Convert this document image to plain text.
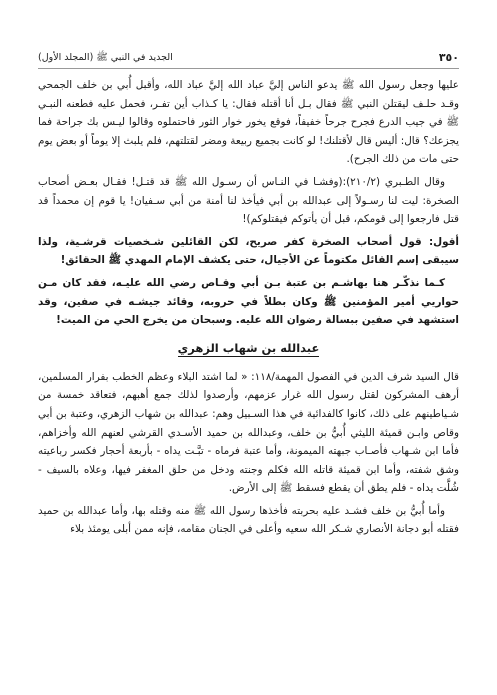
٣٥٠
الجديد في النبي ﷺ (المجلد الأول)

عليها وجعل رسول الله ﷺ يدعو الناس إليَّ عباد الله إليَّ عباد الله، وأقبل أُبي بن خلف الجمحي وقـد حلـف ليقتلن النبي ﷺ فقال بـل أنا أقتله فقال: يا كـذاب أين تفـر، فحمل عليه فطعنه النبـي ﷺ في جيب الدرع فجرح جرحاً خفيفاً، فوقع يخور خوار الثور فاحتملوه وقالوا ليـس بك جراحة فما يجزعك؟ قال: أليس قال لأقتلنك! لو كانت بجميع ربيعة ومضر لقتلتهم، فلم يلبث إلا يوماً أو بعض يوم حتى مات من ذلك الجرح).

وقال الطـبري (٢١٠/٢):(وفشـا في النـاس أن رسـول الله ﷺ قد قتـل! فقـال بعـض أصحاب الصخرة: ليت لنا رسـولاً إلى عبدالله بن أبي فيأخذ لنا أمنة من أبي سـفيان! يا قوم إن محمداً قد قتل فارجعوا إلى قومكم، قبل أن يأتوكم فيقتلوكم)!

أقول: قول أصحاب الصخرة كفر صريح، لكن القائلين شـخصيات قرشـية، ولذا سيبقى إسم القائل مكتوماً عن الأجيال، حتى يكشف الإمام المهدي ﷺ الحقائق!

كـما نذكّـر هنا بهاشـم بن عتبة بـن أبي وقـاص رضي الله عليـه، فقد كان مـن حواريي أمير المؤمنين ﷺ وكان بطلاً في حروبه، وقائد جيشـه في صفين، وقد استشهد في صفين ببسالة رضوان الله عليه. وسبحان من يخرج الحي من الميت!

عبدالله بن شهاب الزهري

قال السيد شرف الدين في الفصول المهمة/١١٨: « لما اشتد البلاء وعظم الخطب بفرار المسلمين، أرهف المشركون لقتل رسول الله غرار عزمهم، وأرصدوا لذلك جمع أهبهم، فتعاقد خمسة من شـياطينهم على ذلك، كانوا كالفدائية في هذا السـبيل وهم: عبدالله بن شهاب الزهري، وعتبة بن أبي وقاص وابـن قميئة الليثي أُبيُّ بن خلف، وعبدالله بن حميد الأسـدي القرشي لعنهم الله وأخزاهم، فأما ابن شـهاب فأصـاب جبهته الميمونة، وأما عتبة فرماه - تبَّـت يداه - بأربعة أحجار فكسر رباعيته وشق شفته، وأما ابن قميئة قاتله الله فكلم وجنته ودخل من حلق المغفر فيها، وعلاه بالسيف - شُلَّت يداه - فلم يطق أن يقطع فسقط ﷺ إلى الأرض.

وأما أُبيُّ بن خلف فشـد عليه بحربته فأخذها رسول الله ﷺ منه وقتله بها، وأما عبدالله بن حميد فقتله أبو دجانة الأنصاري شـكر الله سعيه وأعلى في الجنان مقامه، فإنه ممن أبلى يومئذ بلاء
